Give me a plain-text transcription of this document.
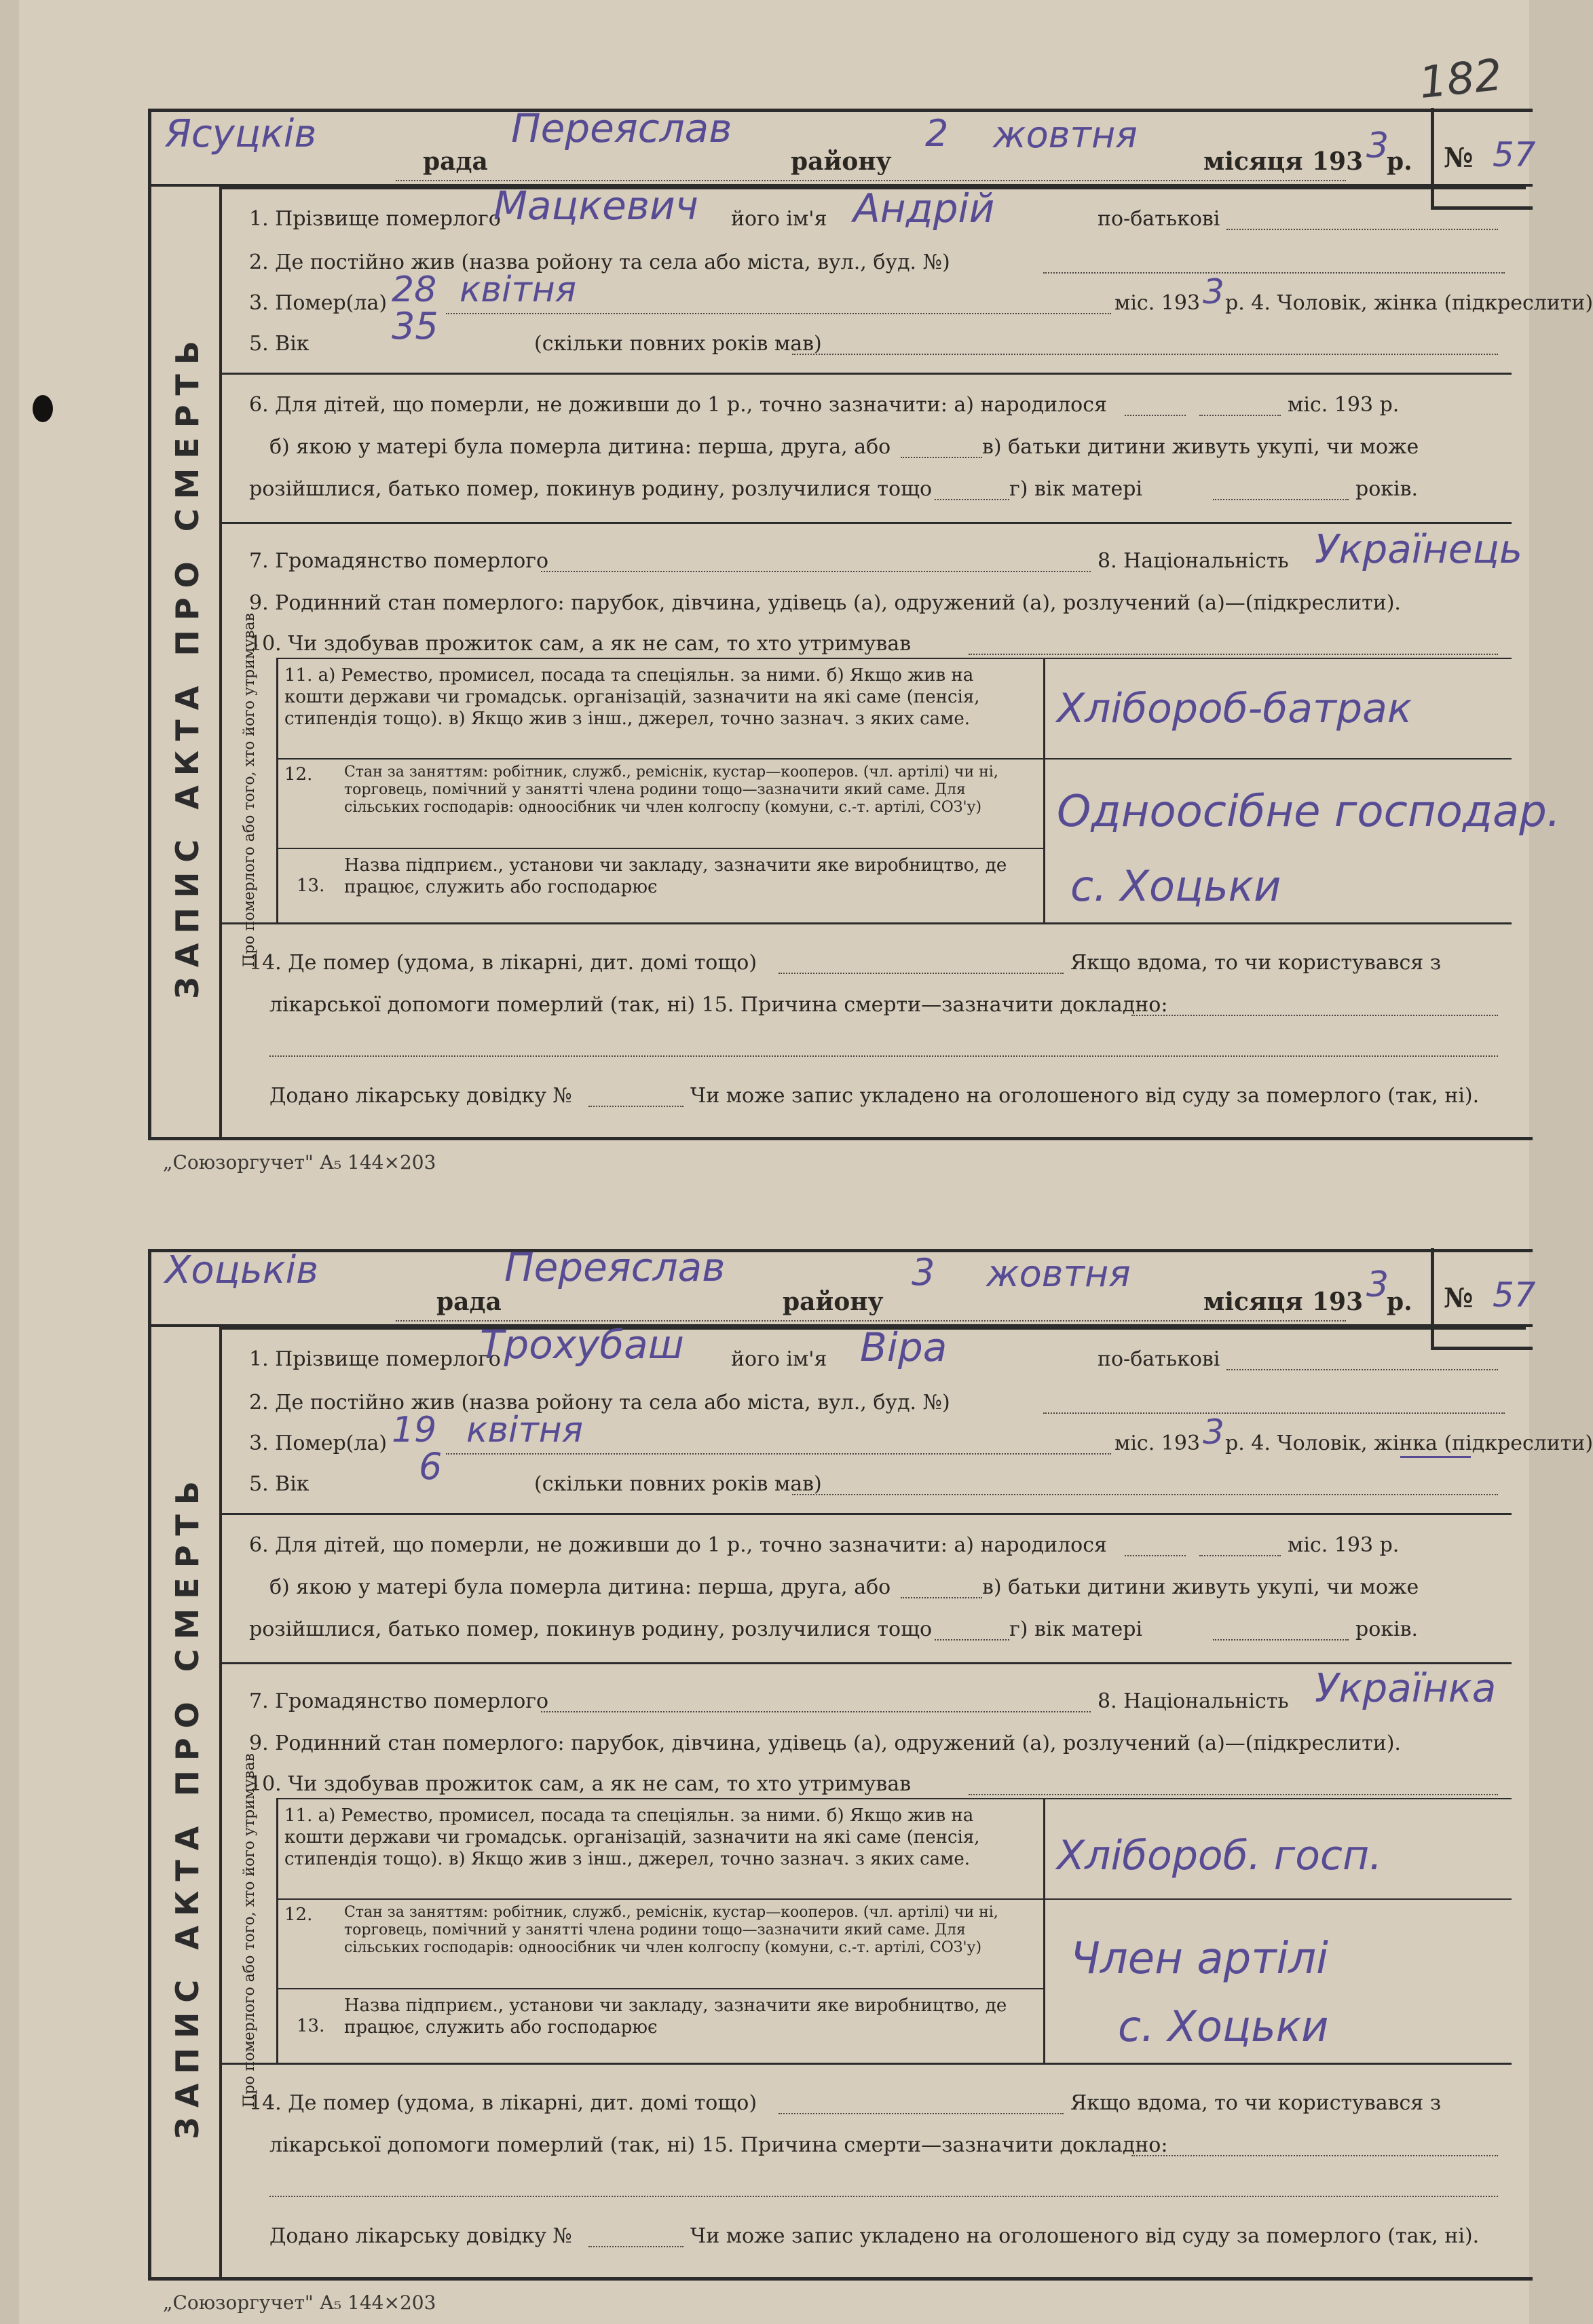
182
Ясуцків
рада
Переяслав
району
2 жовтня
місяця 193 3
р. № 57
ЗАПИС АКТА ПРО СМЕРТЬ
1. Прізвище померлого
Мацкевич його ім'я Андрій	по-батькові
2. Де постійно жив (назва ройону та села або міста, вул., буд. №)
3. Помер(ла) 28 квітня	міс. 193 3 р. 4. Чоловік, жінка (підкреслити)
5. Вік 35	(скільки повних років мав)
6. Для дітей, що померли, не доживши до 1 р., точно зазначити: а) народилося	міс. 193 р.
б) якою у матері була померла дитина: перша, друга, або	в) батьки дитини живуть укупі, чи може
розійшлися, батько помер, покинув родину, розлучилися тощо	г) вік матері	років.
7. Громадянство померлого	8. Національність Українець
9. Родинний стан померлого: парубок, дівчина, удівець (а), одружений (а), розлучений (а)—(підкреслити).
10. Чи здобував прожиток сам, а як не сам, то хто утримував
Про померлого або того, хто його утримував 11. а) Ремество, промисел, посада та спеціяльн. за ними. б) Якщо жив на кошти держави чи громадськ. організацій, зазначити на які саме (пенсія, стипендія тощо). в) Якщо жив з інш., джерел, точно зазнач. з яких саме.	Хлібороб-батрак
12. Стан за заняттям: робітник, служб., реміснік, кустар—кооперов. (чл. артілі) чи ні, торговець, помічний у занятті члена родини тощо—зазначити який саме. Для сільських господарів: одноосібник чи член колгоспу (комуни, с.-т. артілі, СОЗ'у)	Одноосібне господар.
13.
Назва підприєм., установи чи закладу, зазначити яке виробництво, де працює, служить або господарює	с. Хоцьки
14. Де помер (удома, в лікарні, дит. домі тощо)	Якщо вдома, то чи користувався з
лікарської допомоги померлий (так, ні) 15. Причина смерти—зазначити докладно:
Додано лікарську довідку №	Чи може запис укладено на оголошеного від суду за померлого (так, ні).
„Союзоргучет" А₅ 144×203
Хоцьків
рада
Переяслав
району
3 жовтня
місяця 193 3
р. № 57
ЗАПИС АКТА ПРО СМЕРТЬ
1. Прізвище померлого
Трохубаш його ім'я Віра	по-батькові
2. Де постійно жив (назва ройону та села або міста, вул., буд. №)
3. Помер(ла) 19 квітня	міс. 193 3 р. 4. Чоловік, жінка (підкреслити)
5. Вік	6	(скільки повних років мав)
6. Для дітей, що померли, не доживши до 1 р., точно зазначити: а) народилося	міс. 193 р.
б) якою у матері була померла дитина: перша, друга, або	в) батьки дитини живуть укупі, чи може
розійшлися, батько помер, покинув родину, розлучилися тощо	г) вік матері	років.
7. Громадянство померлого	8. Національність Українка
9. Родинний стан померлого: парубок, дівчина, удівець (а), одружений (а), розлучений (а)—(підкреслити).
10. Чи здобував прожиток сам, а як не сам, то хто утримував
Про померлого або того, хто його утримував 11. а) Ремество, промисел, посада та спеціяльн. за ними. б) Якщо жив на кошти держави чи громадськ. організацій, зазначити на які саме (пенсія, стипендія тощо). в) Якщо жив з інш., джерел, точно зазнач. з яких саме.	Хлібороб. госп.
12. Стан за заняттям: робітник, служб., реміснік, кустар—кооперов. (чл. артілі) чи ні, торговець, помічний у занятті члена родини тощо—зазначити який саме. Для сільських господарів: одноосібник чи член колгоспу (комуни, с.-т. артілі, СОЗ'у)	Член артілі
13.
Назва підприєм., установи чи закладу, зазначити яке виробництво, де працює, служить або господарює	с. Хоцьки
14. Де помер (удома, в лікарні, дит. домі тощо)	Якщо вдома, то чи користувався з
лікарської допомоги померлий (так, ні) 15. Причина смерти—зазначити докладно:
Додано лікарську довідку №	Чи може запис укладено на оголошеного від суду за померлого (так, ні).
„Союзоргучет" А₅ 144×203
